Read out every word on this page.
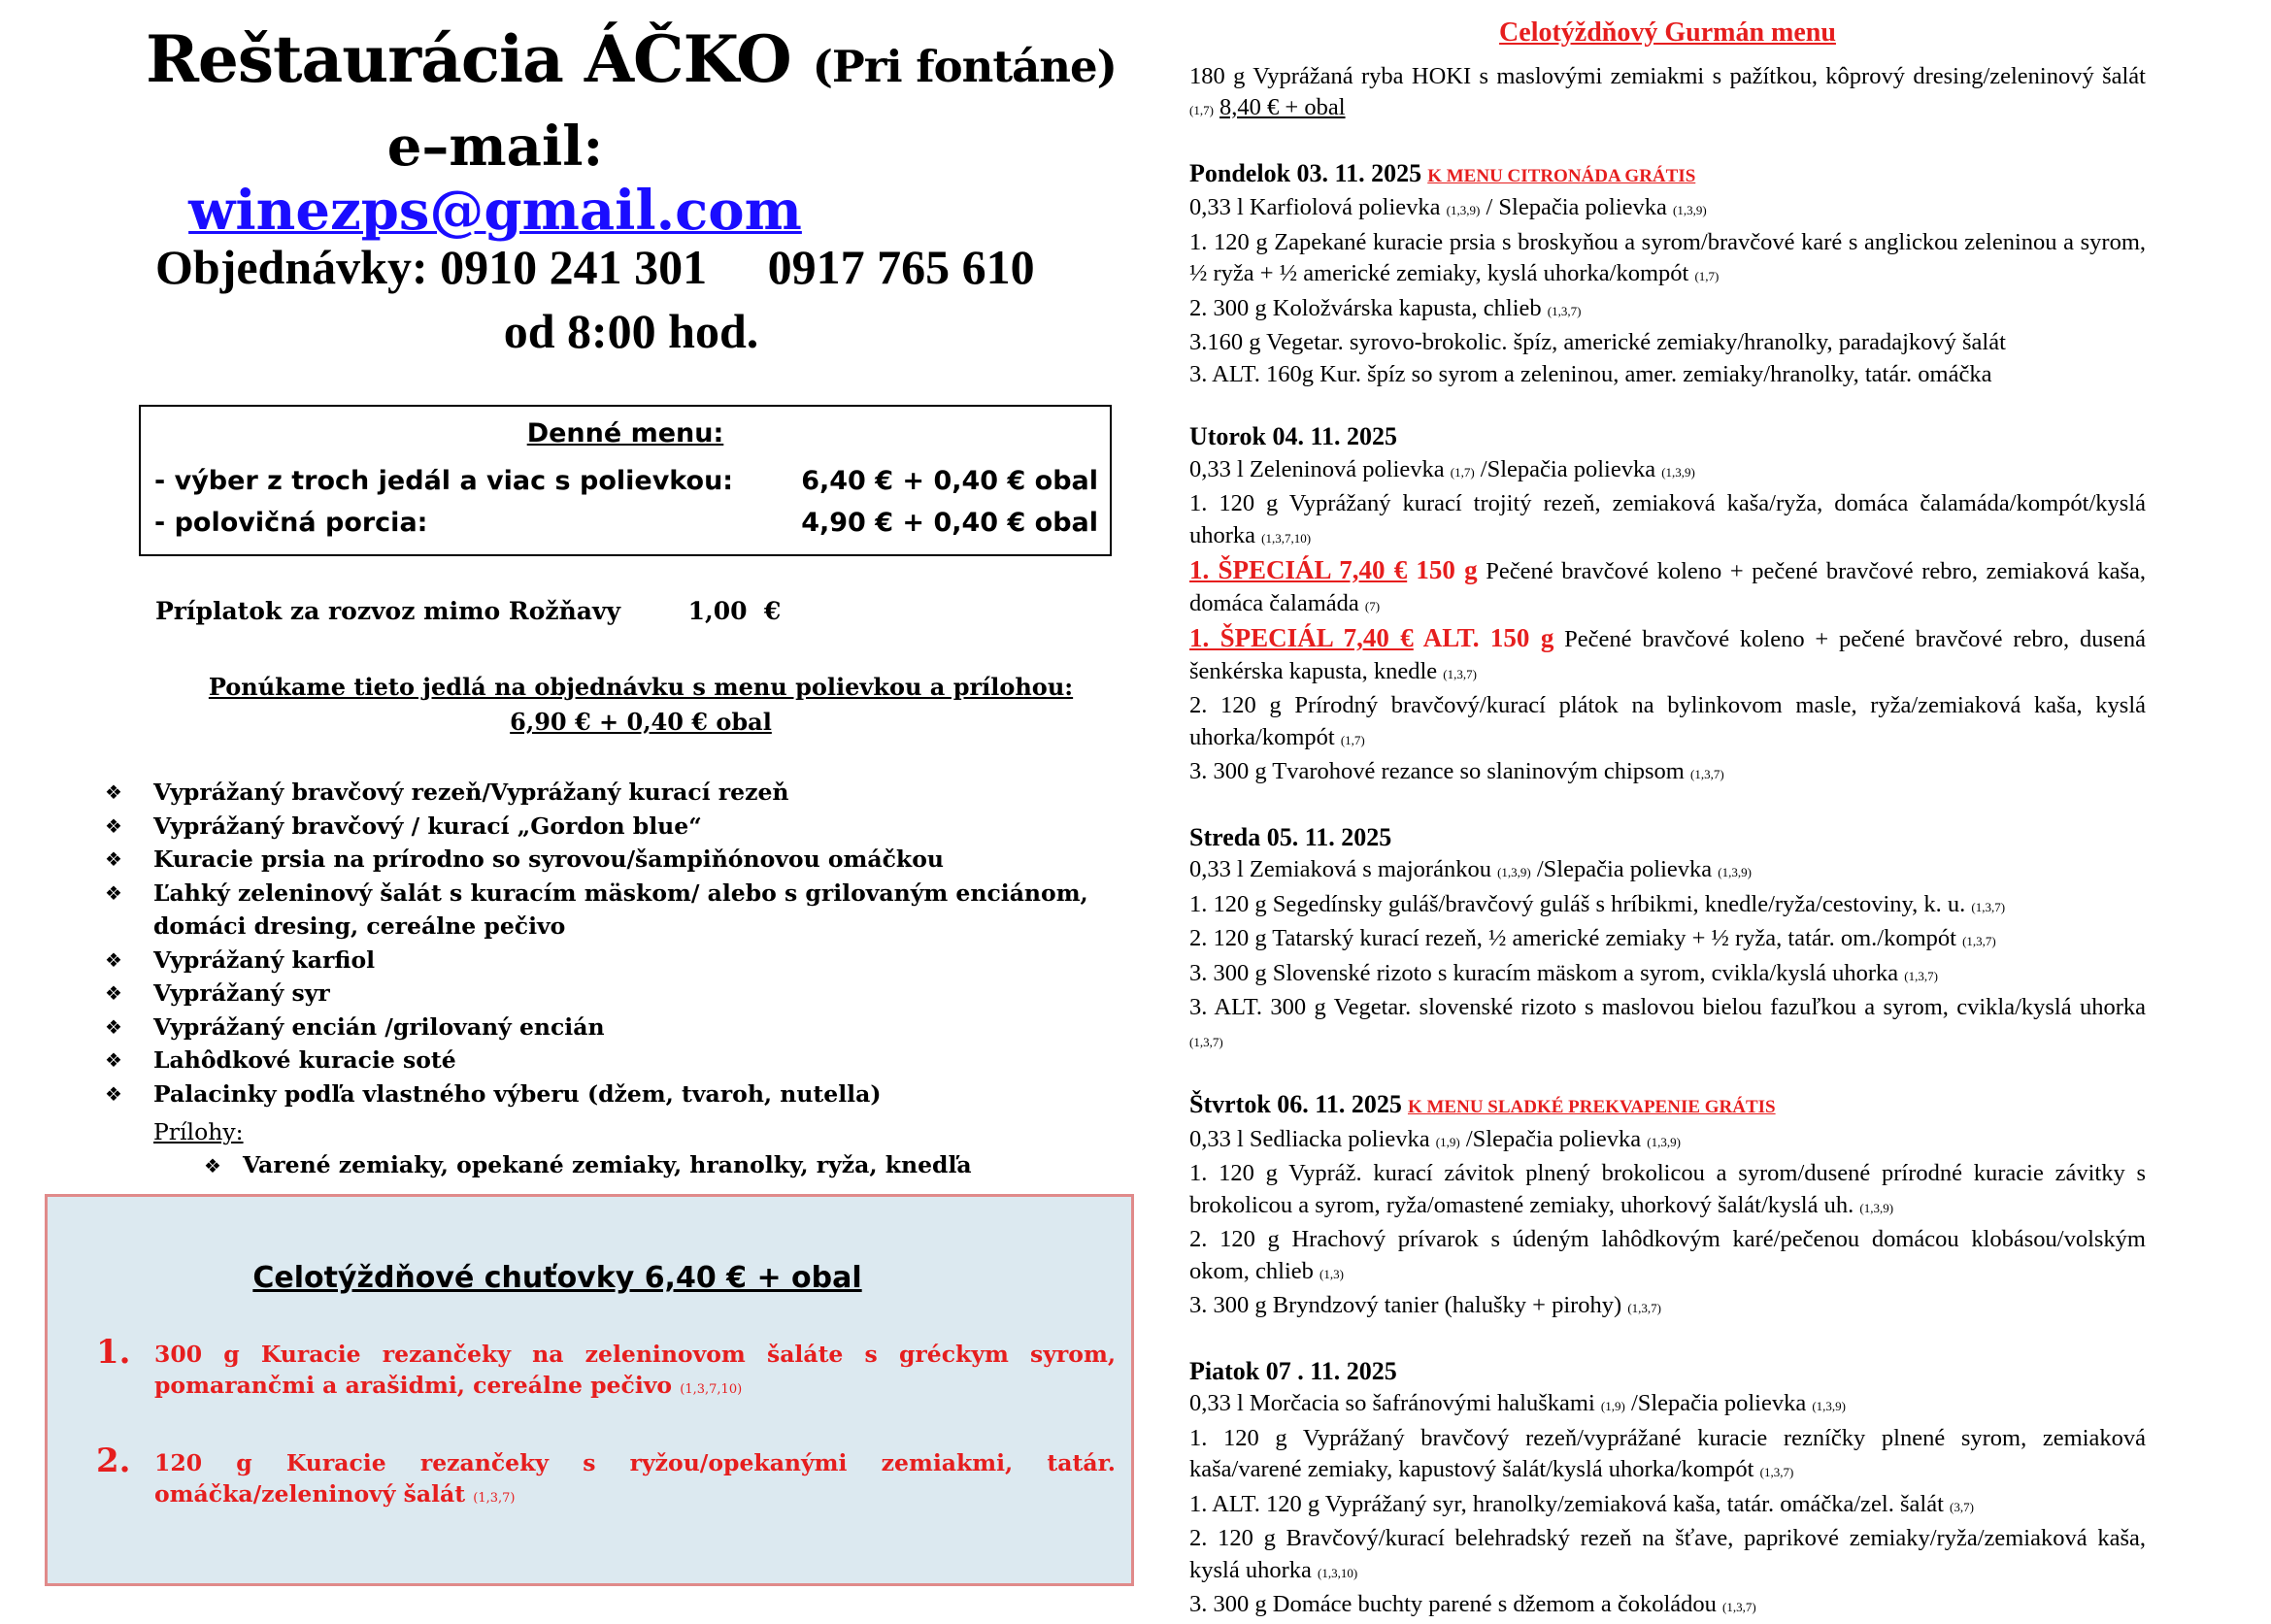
Reštaurácia ÁČKO (Pri fontáne)
e–mail: winezps@gmail.com
Objednávky: 0910 241 301 0917 765 610
od 8:00 hod.
Denné menu:
- výber z troch jedál a viac s polievkou:	6,40 € + 0,40 € obal
- polovičná porcia:	4,90 € + 0,40 € obal
Príplatok za rozvoz mimo Rožňavy	1,00  €
Ponúkame tieto jedlá na objednávku s menu polievkou a prílohou:
6,90 € + 0,40 € obal
❖ Vyprážaný bravčový rezeň/Vyprážaný kurací rezeň
❖ Vyprážaný bravčový / kurací „Gordon blue“
❖ Kuracie prsia na prírodno so syrovou/šampiňónovou omáčkou
❖ Ľahký zeleninový šalát s kuracím mäskom/ alebo s grilovaným enciánom, domáci dresing, cereálne pečivo
❖ Vyprážaný karfiol
❖ Vyprážaný syr
❖ Vyprážaný encián /grilovaný encián
❖ Lahôdkové kuracie soté
❖ Palacinky podľa vlastného výberu (džem, tvaroh, nutella)
Prílohy:
❖ Varené zemiaky, opekané zemiaky, hranolky, ryža, knedľa
Celotýždňové chuťovky 6,40 € + obal
1. 300 g Kuracie rezančeky na zeleninovom šaláte s gréckym syrom, pomarančmi a arašidmi, cereálne pečivo (1,3,7,10)
2. 120 g Kuracie rezančeky s ryžou/opekanými zemiakmi, tatár. omáčka/zeleninový šalát (1,3,7)
Celotýždňový Gurmán menu

180 g Vyprážaná ryba HOKI s maslovými zemiakmi s pažítkou, kôprový dresing/zeleninový šalát (1,7) 8,40 € + obal

Pondelok 03. 11. 2025 K MENU CITRONÁDA GRÁTIS

0,33 l Karfiolová polievka (1,3,9) / Slepačia polievka (1,3,9)

1. 120 g Zapekané kuracie prsia s broskyňou a syrom/bravčové karé s anglickou zeleninou a syrom, ½ ryža + ½ americké zemiaky, kyslá uhorka/kompót (1,7)

2. 300 g Koložvárska kapusta, chlieb (1,3,7)

3.160 g Vegetar. syrovo-brokolic. špíz, americké zemiaky/hranolky, paradajkový šalát

3. ALT. 160g Kur. špíz so syrom a zeleninou, amer. zemiaky/hranolky, tatár. omáčka

Utorok 04. 11. 2025

0,33 l Zeleninová polievka (1,7) /Slepačia polievka (1,3,9)

1. 120 g Vyprážaný kurací trojitý rezeň, zemiaková kaša/ryža, domáca čalamáda/kompót/kyslá uhorka (1,3,7,10)

1. ŠPECIÁL 7,40 € 150 g Pečené bravčové koleno + pečené bravčové rebro, zemiaková kaša, domáca čalamáda (7)

1. ŠPECIÁL 7,40 € ALT. 150 g Pečené bravčové koleno + pečené bravčové rebro, dusená šenkérska kapusta, knedle (1,3,7)

2. 120 g Prírodný bravčový/kurací plátok na bylinkovom masle, ryža/zemiaková kaša, kyslá uhorka/kompót (1,7)

3. 300 g Tvarohové rezance so slaninovým chipsom (1,3,7)

Streda 05. 11. 2025

0,33 l Zemiaková s majoránkou (1,3,9) /Slepačia polievka (1,3,9)

1. 120 g Segedínsky guláš/bravčový guláš s hríbikmi, knedle/ryža/cestoviny, k. u. (1,3,7)

2. 120 g Tatarský kurací rezeň, ½ americké zemiaky + ½ ryža, tatár. om./kompót (1,3,7)

3. 300 g Slovenské rizoto s kuracím mäskom a syrom, cvikla/kyslá uhorka (1,3,7)

3. ALT. 300 g Vegetar. slovenské rizoto s maslovou bielou fazuľkou a syrom, cvikla/kyslá uhorka (1,3,7)

Štvrtok 06. 11. 2025 K MENU SLADKÉ PREKVAPENIE GRÁTIS

0,33 l Sedliacka polievka (1,9) /Slepačia polievka (1,3,9)

1. 120 g Vypráž. kurací závitok plnený brokolicou a syrom/dusené prírodné kuracie závitky s brokolicou a syrom, ryža/omastené zemiaky, uhorkový šalát/kyslá uh. (1,3,9)

2. 120 g Hrachový prívarok s údeným lahôdkovým karé/pečenou domácou klobásou/volským okom, chlieb (1,3)

3. 300 g Bryndzový tanier (halušky + pirohy) (1,3,7)

Piatok 07 . 11. 2025

0,33 l Morčacia so šafránovými haluškami (1,9) /Slepačia polievka (1,3,9)

1. 120 g Vyprážaný bravčový rezeň/vyprážané kuracie rezníčky plnené syrom, zemiaková kaša/varené zemiaky, kapustový šalát/kyslá uhorka/kompót (1,3,7)

1. ALT. 120 g Vyprážaný syr, hranolky/zemiaková kaša, tatár. omáčka/zel. šalát (3,7)

2. 120 g Bravčový/kurací belehradský rezeň na šťave, paprikové zemiaky/ryža/zemiaková kaša, kyslá uhorka (1,3,10)

3. 300 g Domáce buchty parené s džemom a čokoládou (1,3,7)
